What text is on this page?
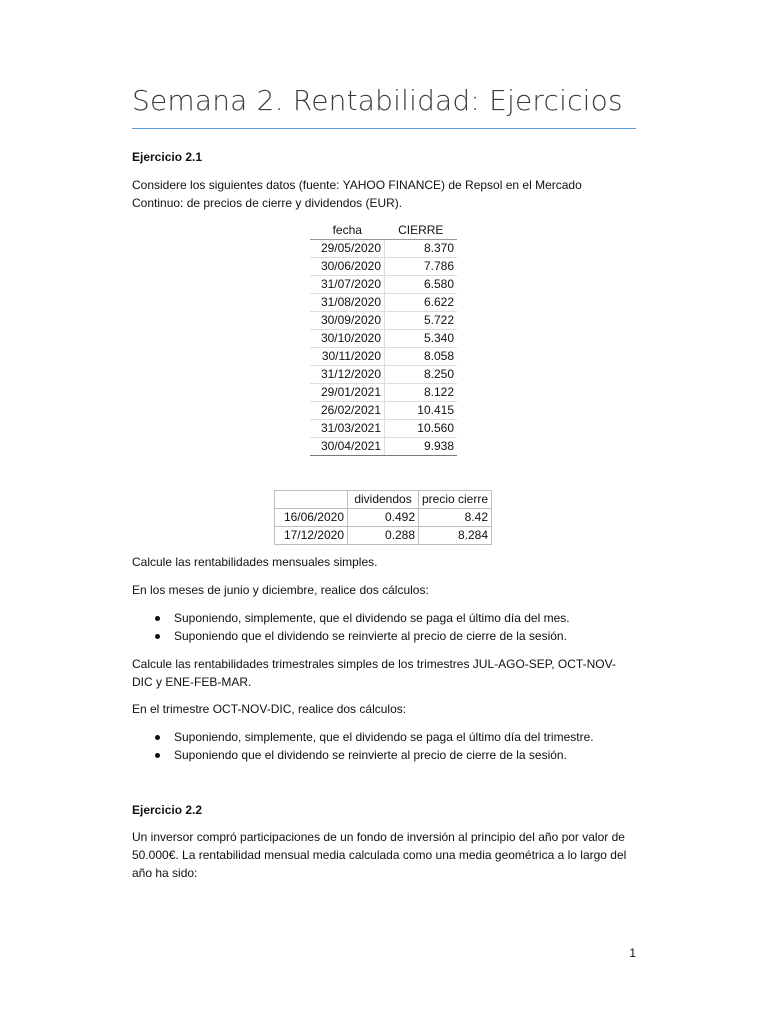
Semana 2. Rentabilidad: Ejercicios
Ejercicio 2.1
Considere los siguientes datos (fuente: YAHOO FINANCE) de Repsol en el Mercado Continuo: de precios de cierre y dividendos (EUR).
fecha	CIERRE
29/05/2020	8.370
30/06/2020	7.786
31/07/2020	6.580
31/08/2020	6.622
30/09/2020	5.722
30/10/2020	5.340
30/11/2020	8.058
31/12/2020	8.250
29/01/2021	8.122
26/02/2021	10.415
31/03/2021	10.560
30/04/2021	9.938
	dividendos	precio cierre
16/06/2020	0.492	8.42
17/12/2020	0.288	8.284
Calcule las rentabilidades mensuales simples.
En los meses de junio y diciembre, realice dos cálculos:
Suponiendo, simplemente, que el dividendo se paga el último día del mes.
Suponiendo que el dividendo se reinvierte al precio de cierre de la sesión.
Calcule las rentabilidades trimestrales simples de los trimestres JUL-AGO-SEP, OCT-NOV-DIC y ENE-FEB-MAR.
En el trimestre OCT-NOV-DIC, realice dos cálculos:
Suponiendo, simplemente, que el dividendo se paga el último día del trimestre.
Suponiendo que el dividendo se reinvierte al precio de cierre de la sesión.
Ejercicio 2.2
Un inversor compró participaciones de un fondo de inversión al principio del año por valor de 50.000€. La rentabilidad mensual media calculada como una media geométrica a lo largo del año ha sido:
1
